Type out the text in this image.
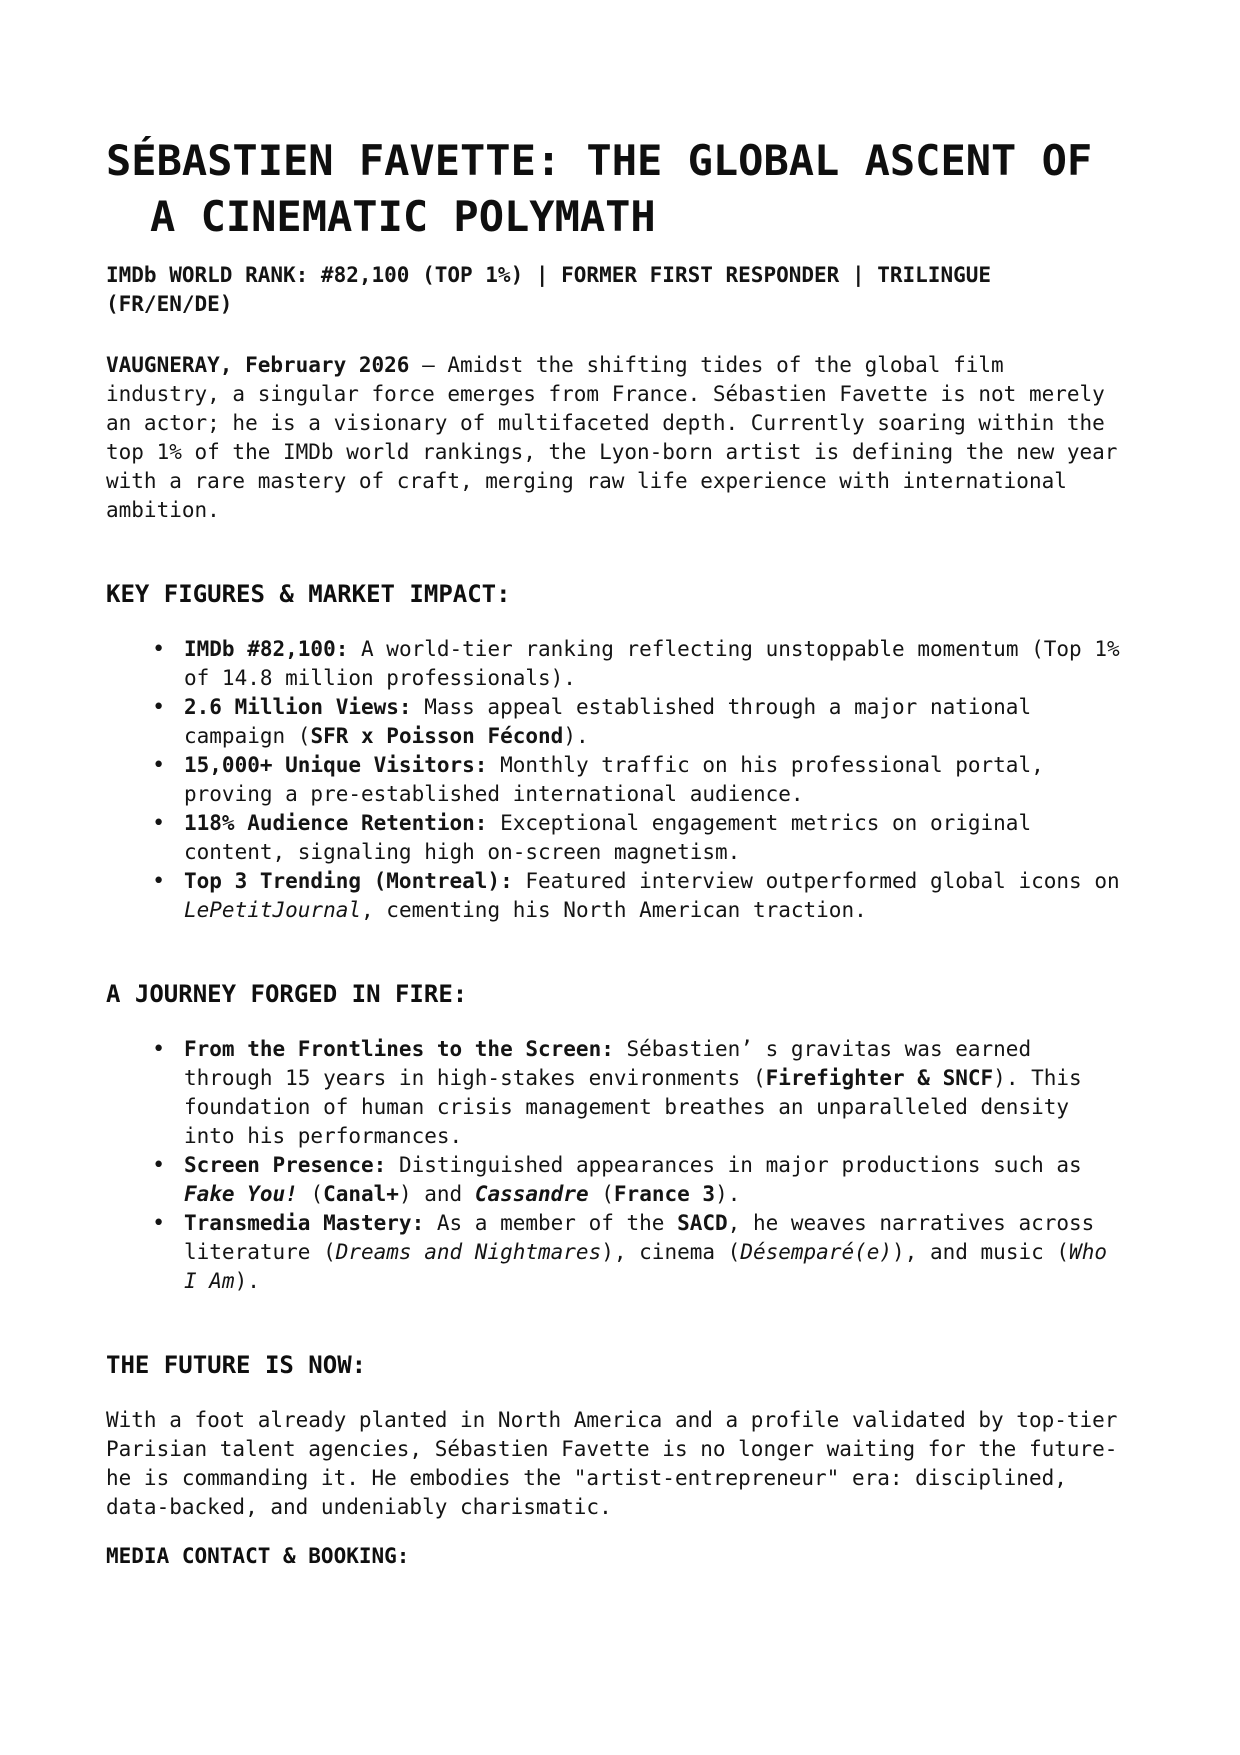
SÉBASTIEN FAVETTE: THE GLOBAL ASCENT OF A CINEMATIC POLYMATH

IMDb WORLD RANK: #82,100 (TOP 1%) | FORMER FIRST RESPONDER | TRILINGUE (FR/EN/DE)

VAUGNERAY, February 2026 – Amidst the shifting tides of the global film industry, a singular force emerges from France. Sébastien Favette is not merely an actor; he is a visionary of multifaceted depth. Currently soaring within the top 1% of the IMDb world rankings, the Lyon-born artist is defining the new year with a rare mastery of craft, merging raw life experience with international ambition.

KEY FIGURES & MARKET IMPACT:
• IMDb #82,100: A world-tier ranking reflecting unstoppable momentum (Top 1% of 14.8 million professionals).
• 2.6 Million Views: Mass appeal established through a major national campaign (SFR x Poisson Fécond).
• 15,000+ Unique Visitors: Monthly traffic on his professional portal, proving a pre-established international audience.
• 118% Audience Retention: Exceptional engagement metrics on original content, signaling high on-screen magnetism.
• Top 3 Trending (Montreal): Featured interview outperformed global icons on LePetitJournal, cementing his North American traction.
A JOURNEY FORGED IN FIRE:
• From the Frontlines to the Screen: Sébastien’ s gravitas was earned through 15 years in high-stakes environments (Firefighter & SNCF). This foundation of human crisis management breathes an unparalleled density into his performances.
• Screen Presence: Distinguished appearances in major productions such as Fake You! (Canal+) and Cassandre (France 3).
• Transmedia Mastery: As a member of the SACD, he weaves narratives across literature (Dreams and Nightmares), cinema (Désemparé(e)), and music (Who I Am).
THE FUTURE IS NOW:

With a foot already planted in North America and a profile validated by top-tier Parisian talent agencies, Sébastien Favette is no longer waiting for the future-he is commanding it. He embodies the "artist-entrepreneur" era: disciplined, data-backed, and undeniably charismatic.

MEDIA CONTACT & BOOKING:
